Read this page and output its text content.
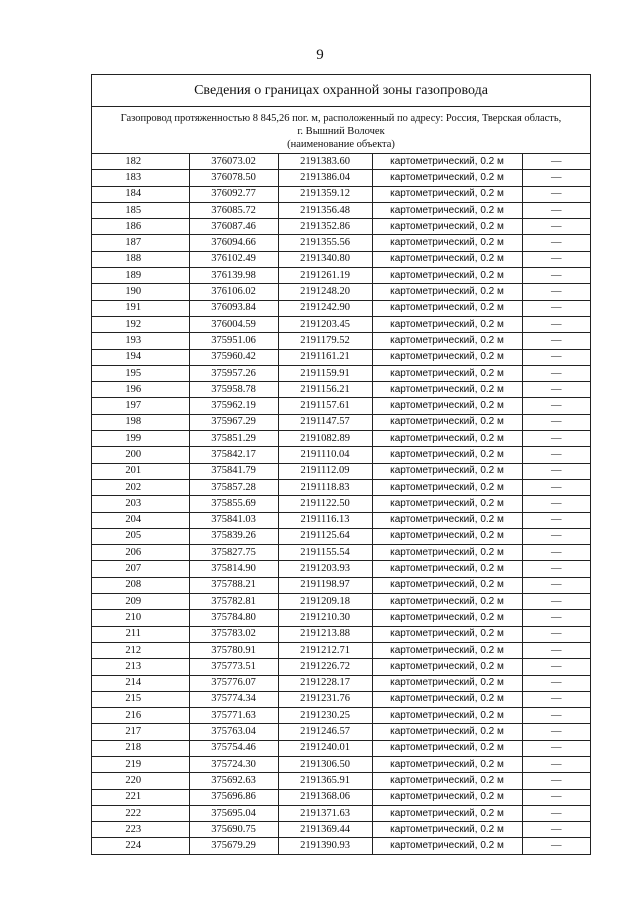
9
Сведения о границах охранной зоны газопровода
Газопровод протяженностью 8 845,26 пог. м, расположенный по адресу: Россия, Тверская область,
г. Вышний Волочек
(наименование объекта)
182	376073.02	2191383.60	картометрический, 0.2 м	—
183	376078.50	2191386.04	картометрический, 0.2 м	—
184	376092.77	2191359.12	картометрический, 0.2 м	—
185	376085.72	2191356.48	картометрический, 0.2 м	—
186	376087.46	2191352.86	картометрический, 0.2 м	—
187	376094.66	2191355.56	картометрический, 0.2 м	—
188	376102.49	2191340.80	картометрический, 0.2 м	—
189	376139.98	2191261.19	картометрический, 0.2 м	—
190	376106.02	2191248.20	картометрический, 0.2 м	—
191	376093.84	2191242.90	картометрический, 0.2 м	—
192	376004.59	2191203.45	картометрический, 0.2 м	—
193	375951.06	2191179.52	картометрический, 0.2 м	—
194	375960.42	2191161.21	картометрический, 0.2 м	—
195	375957.26	2191159.91	картометрический, 0.2 м	—
196	375958.78	2191156.21	картометрический, 0.2 м	—
197	375962.19	2191157.61	картометрический, 0.2 м	—
198	375967.29	2191147.57	картометрический, 0.2 м	—
199	375851.29	2191082.89	картометрический, 0.2 м	—
200	375842.17	2191110.04	картометрический, 0.2 м	—
201	375841.79	2191112.09	картометрический, 0.2 м	—
202	375857.28	2191118.83	картометрический, 0.2 м	—
203	375855.69	2191122.50	картометрический, 0.2 м	—
204	375841.03	2191116.13	картометрический, 0.2 м	—
205	375839.26	2191125.64	картометрический, 0.2 м	—
206	375827.75	2191155.54	картометрический, 0.2 м	—
207	375814.90	2191203.93	картометрический, 0.2 м	—
208	375788.21	2191198.97	картометрический, 0.2 м	—
209	375782.81	2191209.18	картометрический, 0.2 м	—
210	375784.80	2191210.30	картометрический, 0.2 м	—
211	375783.02	2191213.88	картометрический, 0.2 м	—
212	375780.91	2191212.71	картометрический, 0.2 м	—
213	375773.51	2191226.72	картометрический, 0.2 м	—
214	375776.07	2191228.17	картометрический, 0.2 м	—
215	375774.34	2191231.76	картометрический, 0.2 м	—
216	375771.63	2191230.25	картометрический, 0.2 м	—
217	375763.04	2191246.57	картометрический, 0.2 м	—
218	375754.46	2191240.01	картометрический, 0.2 м	—
219	375724.30	2191306.50	картометрический, 0.2 м	—
220	375692.63	2191365.91	картометрический, 0.2 м	—
221	375696.86	2191368.06	картометрический, 0.2 м	—
222	375695.04	2191371.63	картометрический, 0.2 м	—
223	375690.75	2191369.44	картометрический, 0.2 м	—
224	375679.29	2191390.93	картометрический, 0.2 м	—
